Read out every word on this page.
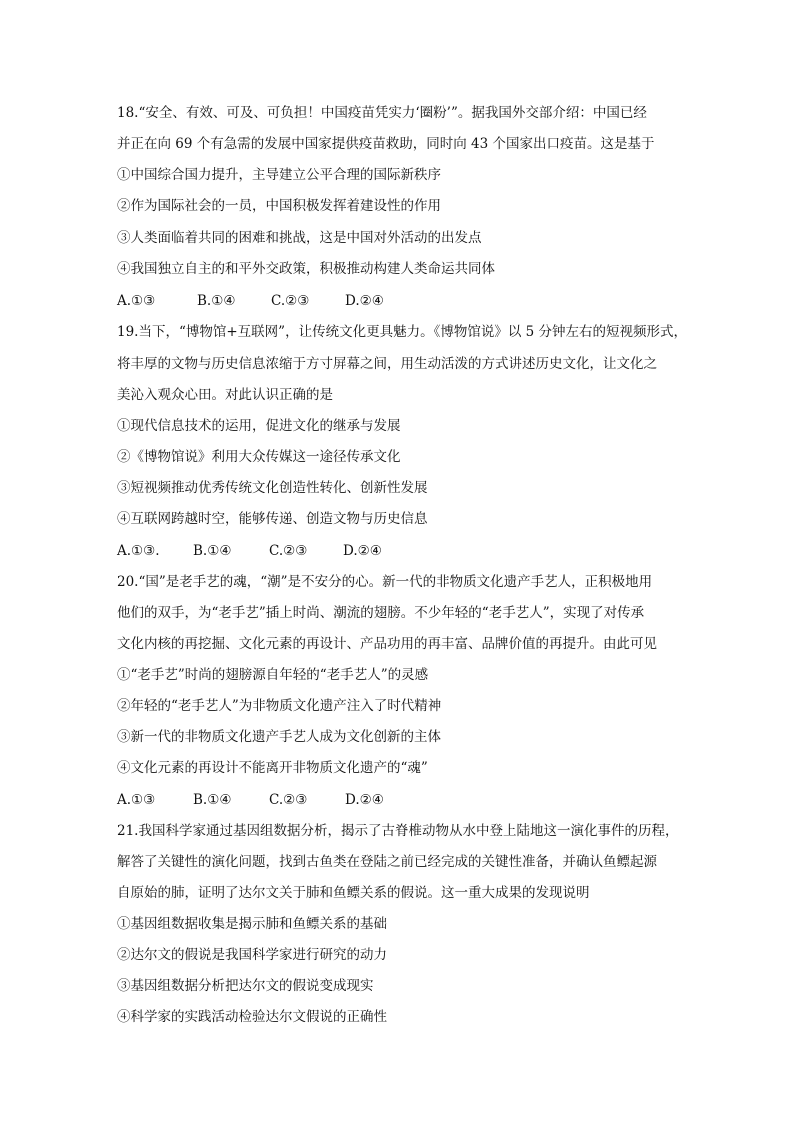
18.“安全、有效、可及、可负担！中国疫苗凭实力‘圈粉’”。据我国外交部介绍：中国已经
并正在向 69 个有急需的发展中国家提供疫苗救助，同时向 43 个国家出口疫苗。这是基于
①中国综合国力提升，主导建立公平合理的国际新秩序
②作为国际社会的一员，中国积极发挥着建设性的作用
③人类面临着共同的困难和挑战，这是中国对外活动的出发点
④我国独立自主的和平外交政策，积极推动构建人类命运共同体
A.①③	B.①④	C.②③	D.②④
19.当下，“博物馆+互联网”，让传统文化更具魅力。《博物馆说》以 5 分钟左右的短视频形式，
将丰厚的文物与历史信息浓缩于方寸屏幕之间，用生动活泼的方式讲述历史文化，让文化之
美沁入观众心田。对此认识正确的是
①现代信息技术的运用，促进文化的继承与发展
②《博物馆说》利用大众传媒这一途径传承文化
③短视频推动优秀传统文化创造性转化、创新性发展
④互联网跨越时空，能够传递、创造文物与历史信息
A.①③. B.①④	C.②③	D.②④
20.“国”是老手艺的魂，“潮”是不安分的心。新一代的非物质文化遗产手艺人，正积极地用
他们的双手，为“老手艺”插上时尚、潮流的翅膀。不少年轻的“老手艺人”，实现了对传承
文化内核的再挖掘、文化元素的再设计、产品功用的再丰富、品牌价值的再提升。由此可见
①“老手艺”时尚的翅膀源自年轻的“老手艺人”的灵感
②年轻的“老手艺人”为非物质文化遗产注入了时代精神
③新一代的非物质文化遗产手艺人成为文化创新的主体
④文化元素的再设计不能离开非物质文化遗产的“魂”
A.①③	B.①④	C.②③	D.②④
21.我国科学家通过基因组数据分析，揭示了古脊椎动物从水中登上陆地这一演化事件的历程，
解答了关键性的演化问题，找到古鱼类在登陆之前已经完成的关键性准备，并确认鱼鳔起源
自原始的肺，证明了达尔文关于肺和鱼鳔关系的假说。这一重大成果的发现说明
①基因组数据收集是揭示肺和鱼鳔关系的基础
②达尔文的假说是我国科学家进行研究的动力
③基因组数据分析把达尔文的假说变成现实
④科学家的实践活动检验达尔文假说的正确性
